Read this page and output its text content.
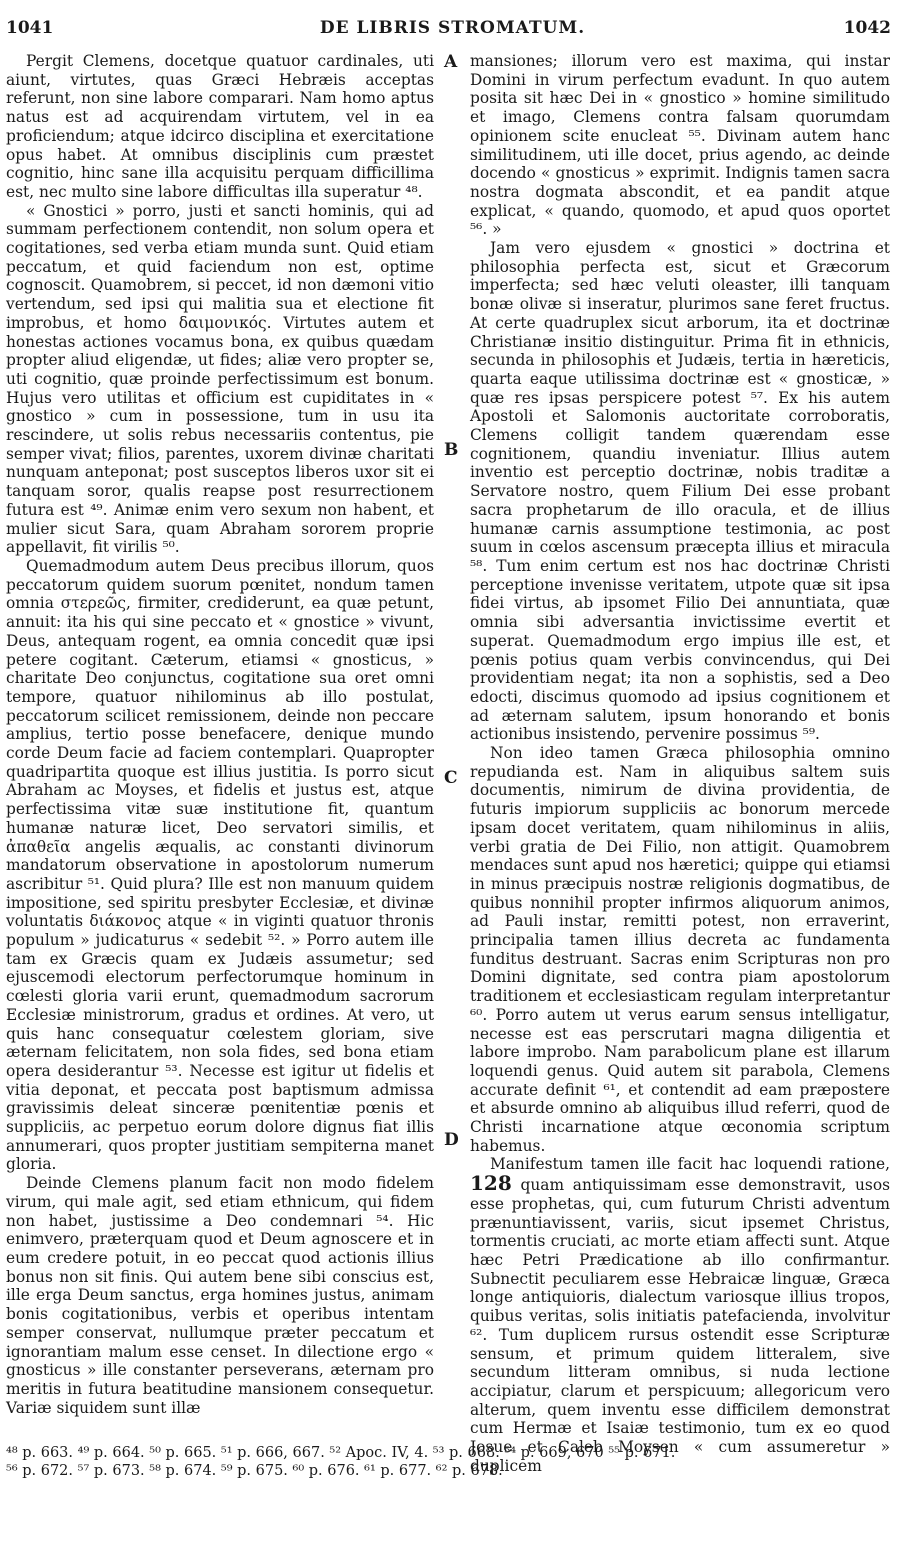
1041	DE LIBRIS STROMATUM.	1042

Pergit Clemens, docetque quatuor cardinales, uti aiunt, virtutes, quas Græci Hebræis acceptas referunt, non sine labore comparari. Nam homo aptus natus est ad acquirendam virtutem, vel in ea proficiendum; atque idcirco disciplina et exercitatione opus habet. At omnibus disciplinis cum præstet cognitio, hinc sane illa acquisitu perquam difficillima est, nec multo sine labore difficultas illa superatur ⁴⁸.

« Gnostici » porro, justi et sancti hominis, qui ad summam perfectionem contendit, non solum opera et cogitationes, sed verba etiam munda sunt. Quid etiam peccatum, et quid faciendum non est, optime cognoscit. Quamobrem, si peccet, id non dæmoni vitio vertendum, sed ipsi qui malitia sua et electione fit improbus, et homo δαιμονικός. Virtutes autem et honestas actiones vocamus bona, ex quibus quædam propter aliud eligendæ, ut fides; aliæ vero propter se, uti cognitio, quæ proinde perfectissimum est bonum. Hujus vero utilitas et officium est cupiditates in « gnostico » cum in possessione, tum in usu ita rescindere, ut solis rebus necessariis contentus, pie semper vivat; filios, parentes, uxorem divinæ charitati nunquam anteponat; post susceptos liberos uxor sit ei tanquam soror, qualis reapse post resurrectionem futura est ⁴⁹. Animæ enim vero sexum non habent, et mulier sicut Sara, quam Abraham sororem proprie appellavit, fit virilis ⁵⁰.

Quemadmodum autem Deus precibus illorum, quos peccatorum quidem suorum pœnitet, nondum tamen omnia στερεῶς, firmiter, crediderunt, ea quæ petunt, annuit: ita his qui sine peccato et « gnostice » vivunt, Deus, antequam rogent, ea omnia concedit quæ ipsi petere cogitant. Cæterum, etiamsi « gnosticus, » charitate Deo conjunctus, cogitatione sua oret omni tempore, quatuor nihilominus ab illo postulat, peccatorum scilicet remissionem, deinde non peccare amplius, tertio posse benefacere, denique mundo corde Deum facie ad faciem contemplari. Quapropter quadripartita quoque est illius justitia. Is porro sicut Abraham ac Moyses, et fidelis et justus est, atque perfectissima vitæ suæ institutione fit, quantum humanæ naturæ licet, Deo servatori similis, et ἀπαθεῖα angelis æqualis, ac constanti divinorum mandatorum observatione in apostolorum numerum ascribitur ⁵¹. Quid plura? Ille est non manuum quidem impositione, sed spiritu presbyter Ecclesiæ, et divinæ voluntatis διάκονος atque « in viginti quatuor thronis populum » judicaturus « sedebit ⁵². » Porro autem ille tam ex Græcis quam ex Judæis assumetur; sed ejuscemodi electorum perfectorumque hominum in cœlesti gloria varii erunt, quemadmodum sacrorum Ecclesiæ ministrorum, gradus et ordines. At vero, ut quis hanc consequatur cœlestem gloriam, sive æternam felicitatem, non sola fides, sed bona etiam opera desiderantur ⁵³. Necesse est igitur ut fidelis et vitia deponat, et peccata post baptismum admissa gravissimis deleat sinceræ pœnitentiæ pœnis et suppliciis, ac perpetuo eorum dolore dignus fiat illis annumerari, quos propter justitiam sempiterna manet gloria.

Deinde Clemens planum facit non modo fidelem virum, qui male agit, sed etiam ethnicum, qui fidem non habet, justissime a Deo condemnari ⁵⁴. Hic enimvero, præterquam quod et Deum agnoscere et in eum credere potuit, in eo peccat quod actionis illius bonus non sit finis. Qui autem bene sibi conscius est, ille erga Deum sanctus, erga homines justus, animam bonis cogitationibus, verbis et operibus intentam semper conservat, nullumque præter peccatum et ignorantiam malum esse censet. In dilectione ergo « gnosticus » ille constanter perseverans, æternam pro meritis in futura beatitudine mansionem consequetur. Variæ siquidem sunt illæ

A
B
C
D

mansiones; illorum vero est maxima, qui instar Domini in virum perfectum evadunt. In quo autem posita sit hæc Dei in « gnostico » homine similitudo et imago, Clemens contra falsam quorumdam opinionem scite enucleat ⁵⁵. Divinam autem hanc similitudinem, uti ille docet, prius agendo, ac deinde docendo « gnosticus » exprimit. Indignis tamen sacra nostra dogmata abscondit, et ea pandit atque explicat, « quando, quomodo, et apud quos oportet ⁵⁶. »

Jam vero ejusdem « gnostici » doctrina et philosophia perfecta est, sicut et Græcorum imperfecta; sed hæc veluti oleaster, illi tanquam bonæ olivæ si inseratur, plurimos sane feret fructus. At certe quadruplex sicut arborum, ita et doctrinæ Christianæ insitio distinguitur. Prima fit in ethnicis, secunda in philosophis et Judæis, tertia in hæreticis, quarta eaque utilissima doctrinæ est « gnosticæ, » quæ res ipsas perspicere potest ⁵⁷. Ex his autem Apostoli et Salomonis auctoritate corroboratis, Clemens colligit tandem quærendam esse cognitionem, quandiu inveniatur. Illius autem inventio est perceptio doctrinæ, nobis traditæ a Servatore nostro, quem Filium Dei esse probant sacra prophetarum de illo oracula, et de illius humanæ carnis assumptione testimonia, ac post suum in cœlos ascensum præcepta illius et miracula ⁵⁸. Tum enim certum est nos hac doctrinæ Christi perceptione invenisse veritatem, utpote quæ sit ipsa fidei virtus, ab ipsomet Filio Dei annuntiata, quæ omnia sibi adversantia invictissime evertit et superat. Quemadmodum ergo impius ille est, et pœnis potius quam verbis convincendus, qui Dei providentiam negat; ita non a sophistis, sed a Deo edocti, discimus quomodo ad ipsius cognitionem et ad æternam salutem, ipsum honorando et bonis actionibus insistendo, pervenire possimus ⁵⁹.

Non ideo tamen Græca philosophia omnino repudianda est. Nam in aliquibus saltem suis documentis, nimirum de divina providentia, de futuris impiorum suppliciis ac bonorum mercede ipsam docet veritatem, quam nihilominus in aliis, verbi gratia de Dei Filio, non attigit. Quamobrem mendaces sunt apud nos hæretici; quippe qui etiamsi in minus præcipuis nostræ religionis dogmatibus, de quibus nonnihil propter infirmos aliquorum animos, ad Pauli instar, remitti potest, non erraverint, principalia tamen illius decreta ac fundamenta funditus destruant. Sacras enim Scripturas non pro Domini dignitate, sed contra piam apostolorum traditionem et ecclesiasticam regulam interpretantur ⁶⁰. Porro autem ut verus earum sensus intelligatur, necesse est eas perscrutari magna diligentia et labore improbo. Nam parabolicum plane est illarum loquendi genus. Quid autem sit parabola, Clemens accurate definit ⁶¹, et contendit ad eam præpostere et absurde omnino ab aliquibus illud referri, quod de Christi incarnatione atque œconomia scriptum habemus.

Manifestum tamen ille facit hac loquendi ratione, 128 quam antiquissimam esse demonstravit, usos esse prophetas, qui, cum futurum Christi adventum prænuntiavissent, variis, sicut ipsemet Christus, tormentis cruciati, ac morte etiam affecti sunt. Atque hæc Petri Prædicatione ab illo confirmantur. Subnectit peculiarem esse Hebraicæ linguæ, Græca longe antiquioris, dialectum variosque illius tropos, quibus veritas, solis initiatis patefacienda, involvitur ⁶². Tum duplicem rursus ostendit esse Scripturæ sensum, et primum quidem litteralem, sive secundum litteram omnibus, si nuda lectione accipiatur, clarum et perspicuum; allegoricum vero alterum, quem inventu esse difficilem demonstrat cum Hermæ et Isaiæ testimonio, tum ex eo quod Josue et Caleb Moysen « cum assumeretur » duplicem

⁴⁸ p. 663. ⁴⁹ p. 664. ⁵⁰ p. 665. ⁵¹ p. 666, 667. ⁵² Apoc. IV, 4. ⁵³ p. 668. ⁵⁴ p. 669, 670 ⁵⁵ p. 671.
⁵⁶ p. 672. ⁵⁷ p. 673. ⁵⁸ p. 674. ⁵⁹ p. 675. ⁶⁰ p. 676. ⁶¹ p. 677. ⁶² p. 678.
